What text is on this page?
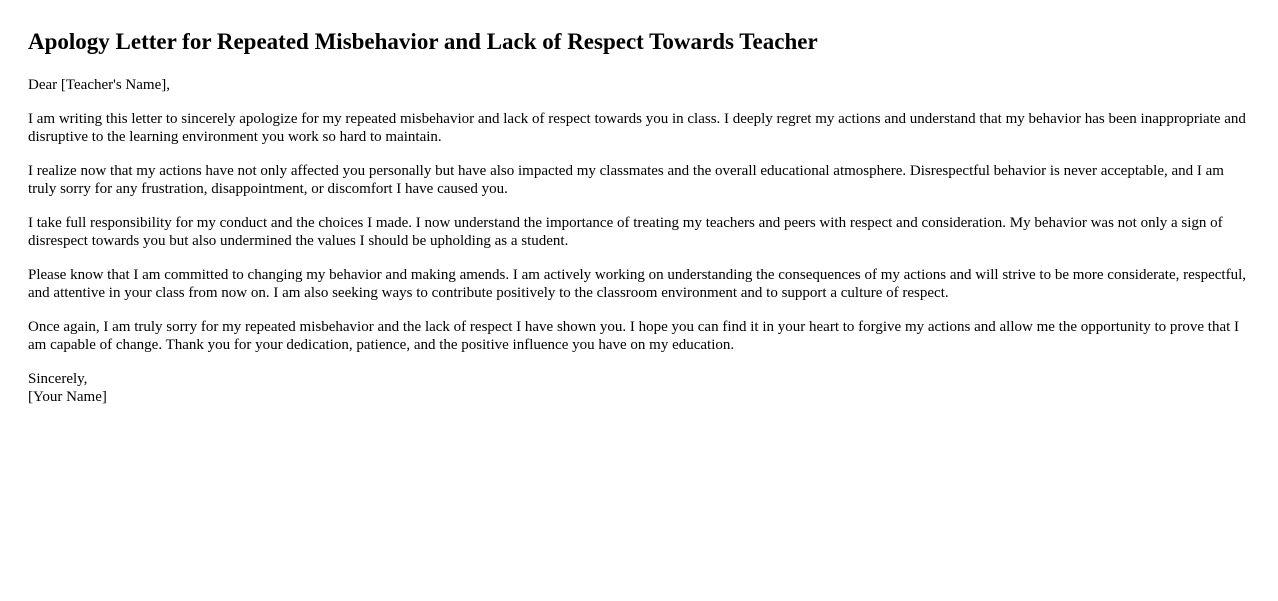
Apology Letter for Repeated Misbehavior and Lack of Respect Towards Teacher

Dear [Teacher's Name],

I am writing this letter to sincerely apologize for my repeated misbehavior and lack of respect towards you in class. I deeply regret my actions and understand that my behavior has been inappropriate and disruptive to the learning environment you work so hard to maintain.

I realize now that my actions have not only affected you personally but have also impacted my classmates and the overall educational atmosphere. Disrespectful behavior is never acceptable, and I am truly sorry for any frustration, disappointment, or discomfort I have caused you.

I take full responsibility for my conduct and the choices I made. I now understand the importance of treating my teachers and peers with respect and consideration. My behavior was not only a sign of disrespect towards you but also undermined the values I should be upholding as a student.

Please know that I am committed to changing my behavior and making amends. I am actively working on understanding the consequences of my actions and will strive to be more considerate, respectful, and attentive in your class from now on. I am also seeking ways to contribute positively to the classroom environment and to support a culture of respect.

Once again, I am truly sorry for my repeated misbehavior and the lack of respect I have shown you. I hope you can find it in your heart to forgive my actions and allow me the opportunity to prove that I am capable of change. Thank you for your dedication, patience, and the positive influence you have on my education.

Sincerely,
[Your Name]
